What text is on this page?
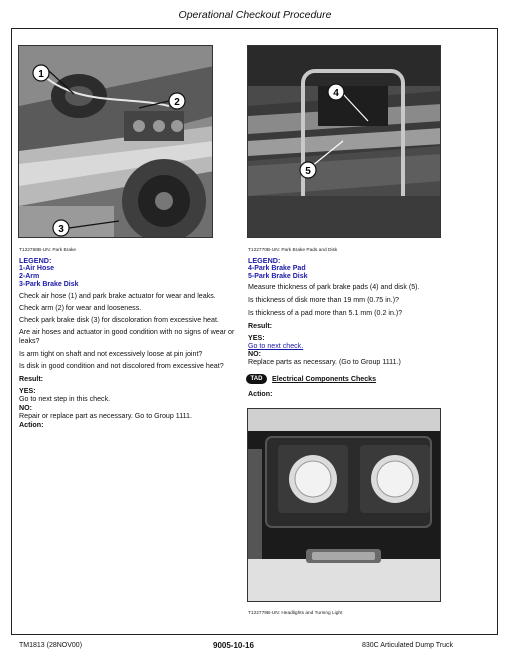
Operational Checkout Procedure
1
2
3
4
5
T122768B-UN: Park Brake
LEGEND:
1-Air Hose
2-Arm
3-Park Brake Disk
Check air hose (1) and park brake actuator for wear and leaks.
Check arm (2) for wear and looseness.
Check park brake disk (3) for discoloration from excessive heat.
Are air hoses and actuator in good condition with no signs of wear or leaks?
Is arm tight on shaft and not excessively loose at pin joint?
Is disk in good condition and not discolored from excessive heat?
Result:
YES:
Go to next step in this check.
NO:
Repair or replace part as necessary. Go to Group 1111.
Action:
T122770B-UN: Park Brake Pads and Disk
LEGEND:
4-Park Brake Pad
5-Park Brake Disk
Measure thickness of park brake pads (4) and disk (5).
Is thickness of disk more than 19 mm (0.75 in.)?
Is thickness of a pad more than 5.1 mm (0.2 in.)?
Result:
YES:
Go to next check.
NO:
Replace parts as necessary. (Go to Group 1111.)
TAD	Electrical Components Checks
Action:
T122779B-UN: Headlights and Turning Light
TM1813 (28NOV00)	9005-10-16	830C Articulated Dump Truck
